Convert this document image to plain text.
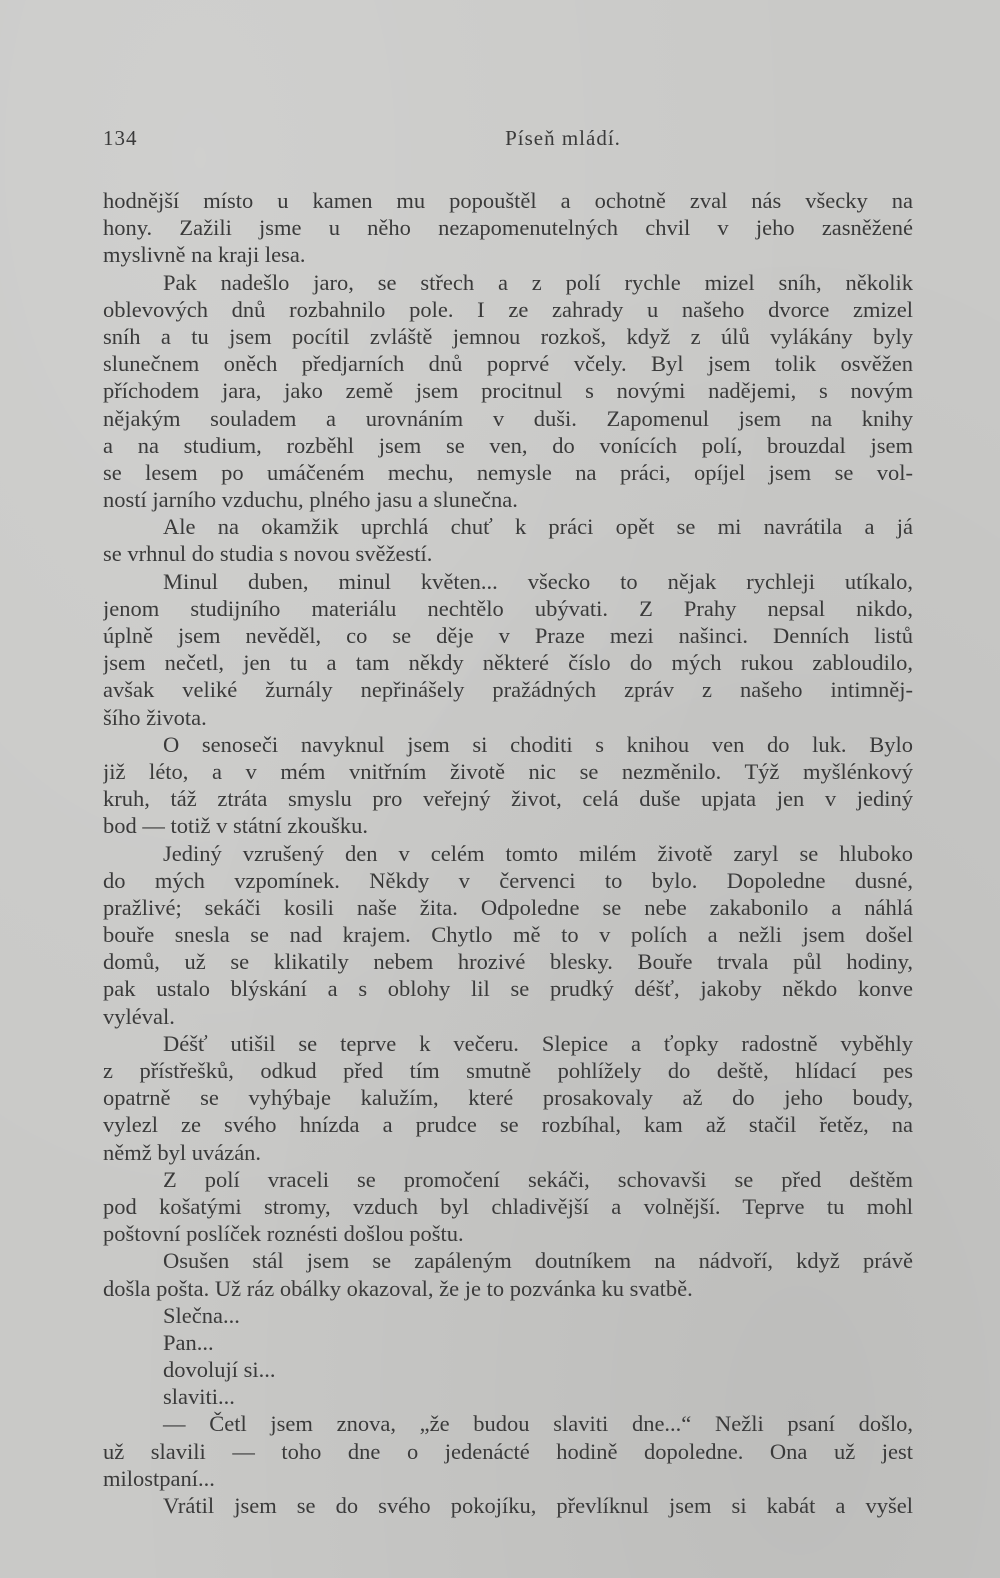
134	Píseň mládí.
hodnější místo u kamen mu popouštěl a ochotně zval nás všecky na
hony. Zažili jsme u něho nezapomenutelných chvil v jeho zasněžené
myslivně na kraji lesa.
Pak nadešlo jaro, se střech a z polí rychle mizel sníh, několik
oblevových dnů rozbahnilo pole. I ze zahrady u našeho dvorce zmizel
sníh a tu jsem pocítil zvláště jemnou rozkoš, když z úlů vylákány byly
slunečnem oněch předjarních dnů poprvé včely. Byl jsem tolik osvěžen
příchodem jara, jako země jsem procitnul s novými nadějemi, s novým
nějakým souladem a urovnáním v duši. Zapomenul jsem na knihy
a na studium, rozběhl jsem se ven, do vonících polí, brouzdal jsem
se lesem po umáčeném mechu, nemysle na práci, opíjel jsem se vol-
ností jarního vzduchu, plného jasu a slunečna.
Ale na okamžik uprchlá chuť k práci opět se mi navrátila a já
se vrhnul do studia s novou svěžestí.
Minul duben, minul květen... všecko to nějak rychleji utíkalo,
jenom studijního materiálu nechtělo ubývati. Z Prahy nepsal nikdo,
úplně jsem nevěděl, co se děje v Praze mezi našinci. Denních listů
jsem nečetl, jen tu a tam někdy některé číslo do mých rukou zabloudilo,
avšak veliké žurnály nepřinášely pražádných zpráv z našeho intimněj-
šího života.
O senoseči navyknul jsem si choditi s knihou ven do luk. Bylo
již léto, a v mém vnitřním životě nic se nezměnilo. Týž myšlénkový
kruh, táž ztráta smyslu pro veřejný život, celá duše upjata jen v jediný
bod — totiž v státní zkoušku.
Jediný vzrušený den v celém tomto milém životě zaryl se hluboko
do mých vzpomínek. Někdy v červenci to bylo. Dopoledne dusné,
pražlivé; sekáči kosili naše žita. Odpoledne se nebe zakabonilo a náhlá
bouře snesla se nad krajem. Chytlo mě to v polích a nežli jsem došel
domů, už se klikatily nebem hrozivé blesky. Bouře trvala půl hodiny,
pak ustalo blýskání a s oblohy lil se prudký déšť, jakoby někdo konve
vyléval.
Déšť utišil se teprve k večeru. Slepice a ťopky radostně vyběhly
z přístřešků, odkud před tím smutně pohlížely do deště, hlídací pes
opatrně se vyhýbaje kalužím, které prosakovaly až do jeho boudy,
vylezl ze svého hnízda a prudce se rozbíhal, kam až stačil řetěz, na
němž byl uvázán.
Z polí vraceli se promočení sekáči, schovavši se před deštěm
pod košatými stromy, vzduch byl chladivější a volnější. Teprve tu mohl
poštovní poslíček roznésti došlou poštu.
Osušen stál jsem se zapáleným doutníkem na nádvoří, když právě
došla pošta. Už ráz obálky okazoval, že je to pozvánka ku svatbě.
Slečna...
Pan...
dovolují si...
slaviti...
— Četl jsem znova, „že budou slaviti dne...“ Nežli psaní došlo,
už slavili — toho dne o jedenácté hodině dopoledne. Ona už jest
milostpaní...
Vrátil jsem se do svého pokojíku, převlíknul jsem si kabát a vyšel
